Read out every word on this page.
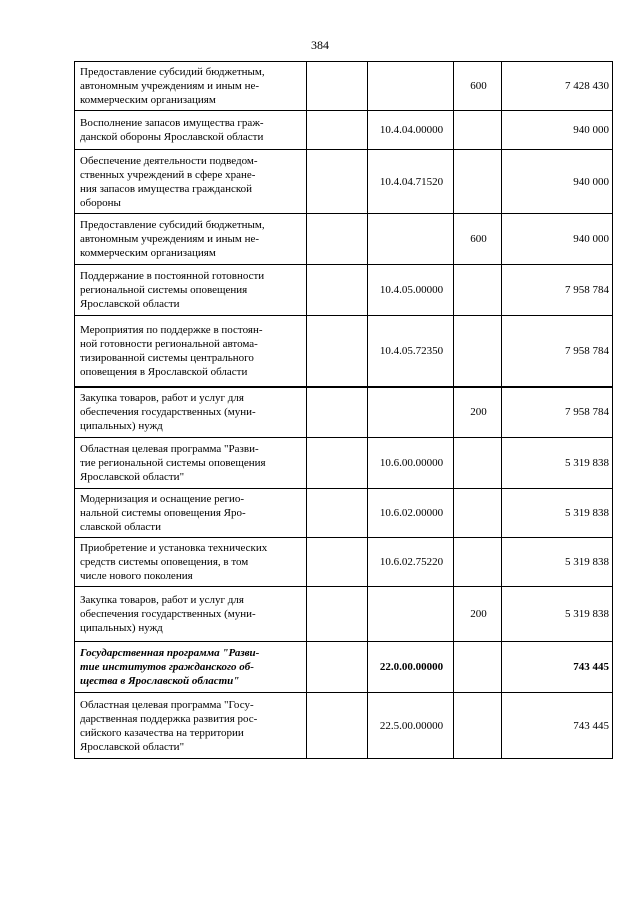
384
Предоставление субсидий бюджетным,
автономным учреждениям и иным не-
коммерческим организациям			600	7 428 430

Восполнение запасов имущества граж-
данской обороны Ярославской области		10.4.04.00000		940 000

Обеспечение деятельности подведом-
ственных учреждений в сфере хране-
ния запасов имущества гражданской
обороны		10.4.04.71520		940 000

Предоставление субсидий бюджетным,
автономным учреждениям и иным не-
коммерческим организациям			600	940 000

Поддержание в постоянной готовности
региональной системы оповещения
Ярославской области		10.4.05.00000		7 958 784

Мероприятия по поддержке в постоян-
ной готовности региональной автома-
тизированной системы центрального
оповещения в Ярославской области		10.4.05.72350		7 958 784

Закупка товаров, работ и услуг для
обеспечения государственных (муни-
ципальных) нужд			200	7 958 784

Областная целевая программа "Разви-
тие региональной системы оповещения
Ярославской области"		10.6.00.00000		5 319 838

Модернизация и оснащение регио-
нальной системы оповещения Яро-
славской области		10.6.02.00000		5 319 838

Приобретение и установка технических
средств системы оповещения, в том
числе нового поколения		10.6.02.75220		5 319 838

Закупка товаров, работ и услуг для
обеспечения государственных (муни-
ципальных) нужд			200	5 319 838

Государственная программа "Разви-
тие институтов гражданского об-
щества в Ярославской области"		22.0.00.00000		743 445

Областная целевая программа "Госу-
дарственная поддержка развития рос-
сийского казачества на территории
Ярославской области"		22.5.00.00000		743 445
